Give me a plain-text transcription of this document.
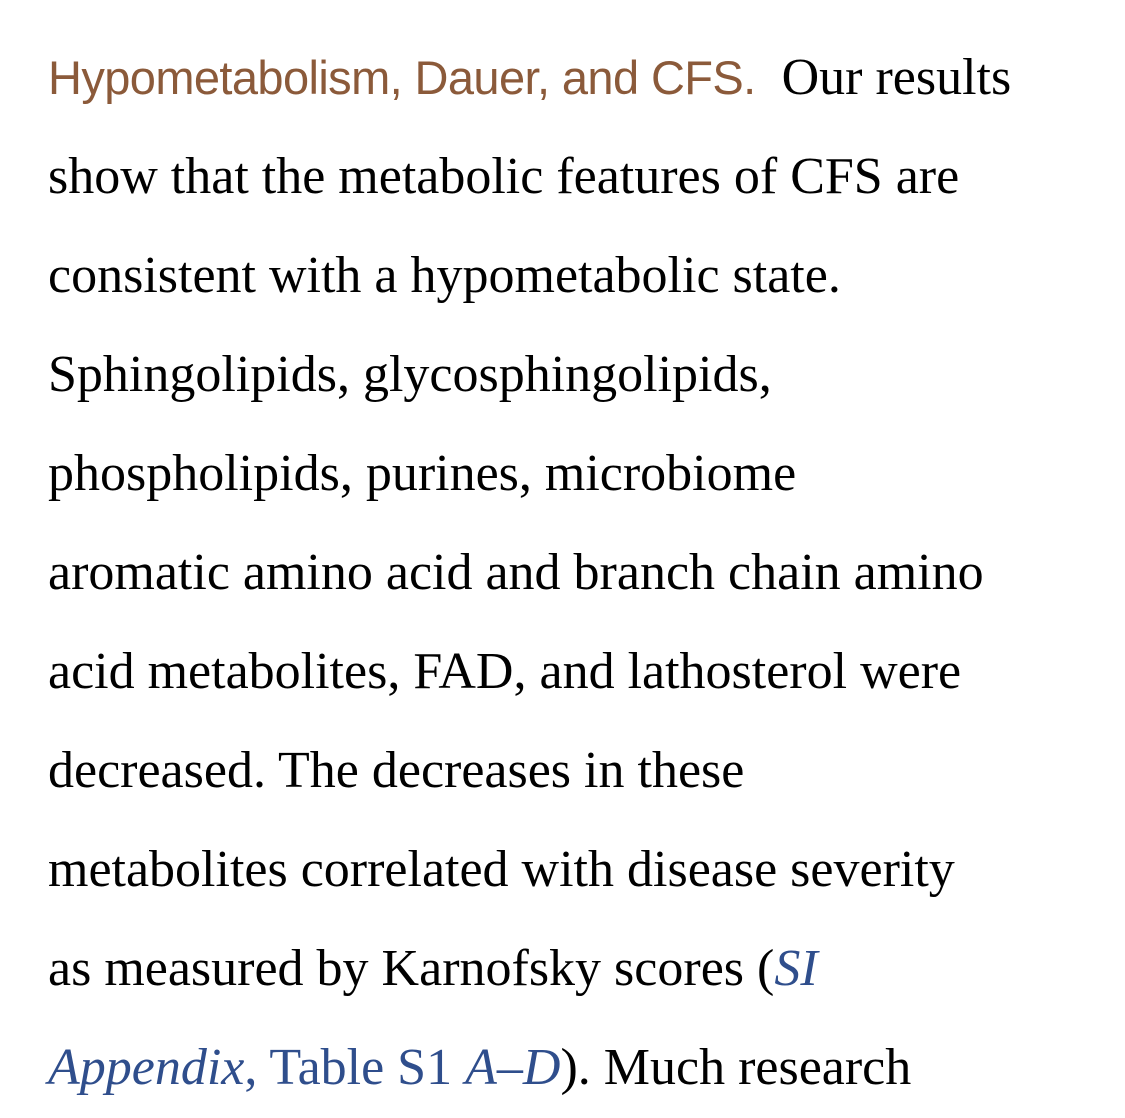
Hypometabolism, Dauer, and CFS. Our results
show that the metabolic features of CFS are
consistent with a hypometabolic state.
Sphingolipids, glycosphingolipids,
phospholipids, purines, microbiome
aromatic amino acid and branch chain amino
acid metabolites, FAD, and lathosterol were
decreased. The decreases in these
metabolites correlated with disease severity
as measured by Karnofsky scores (SI
Appendix, Table S1 A–D). Much research
